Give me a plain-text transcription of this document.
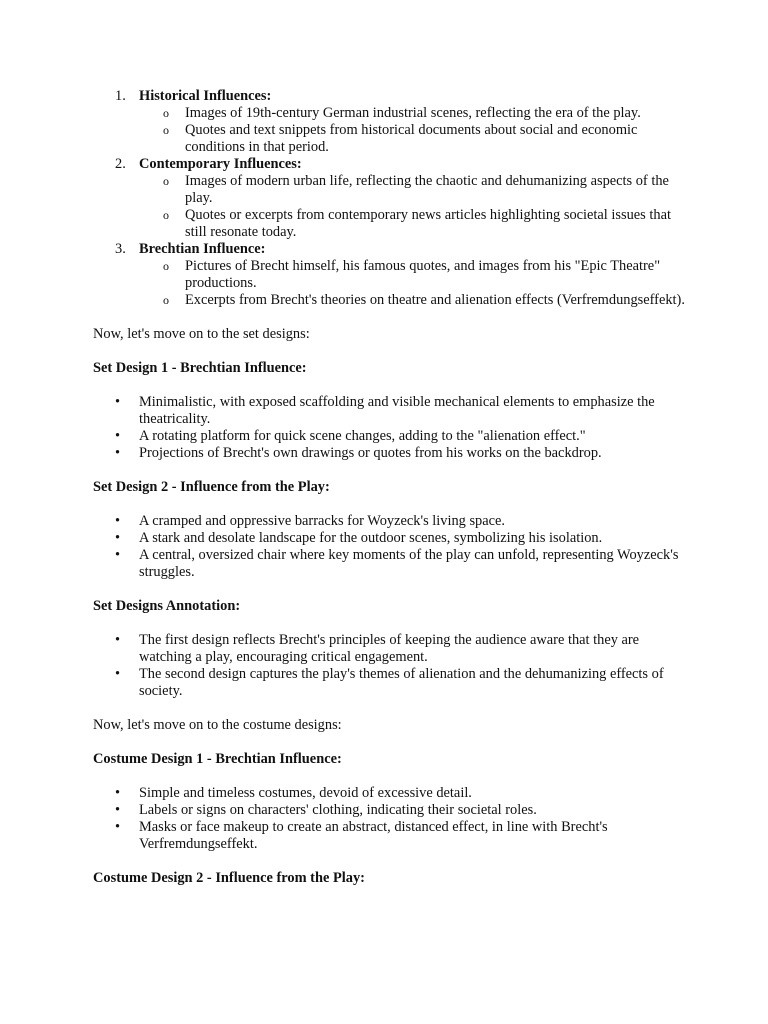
1. Historical Influences:
o Images of 19th-century German industrial scenes, reflecting the era of the play.
o Quotes and text snippets from historical documents about social and economic conditions in that period.
2. Contemporary Influences:
o Images of modern urban life, reflecting the chaotic and dehumanizing aspects of the play.
o Quotes or excerpts from contemporary news articles highlighting societal issues that still resonate today.
3. Brechtian Influence:
o Pictures of Brecht himself, his famous quotes, and images from his "Epic Theatre" productions.
o Excerpts from Brecht's theories on theatre and alienation effects (Verfremdungseffekt).

Now, let's move on to the set designs:

Set Design 1 - Brechtian Influence:

• Minimalistic, with exposed scaffolding and visible mechanical elements to emphasize the theatricality.
• A rotating platform for quick scene changes, adding to the "alienation effect."
• Projections of Brecht's own drawings or quotes from his works on the backdrop.

Set Design 2 - Influence from the Play:

• A cramped and oppressive barracks for Woyzeck's living space.
• A stark and desolate landscape for the outdoor scenes, symbolizing his isolation.
• A central, oversized chair where key moments of the play can unfold, representing Woyzeck's struggles.

Set Designs Annotation:

• The first design reflects Brecht's principles of keeping the audience aware that they are watching a play, encouraging critical engagement.
• The second design captures the play's themes of alienation and the dehumanizing effects of society.

Now, let's move on to the costume designs:

Costume Design 1 - Brechtian Influence:

• Simple and timeless costumes, devoid of excessive detail.
• Labels or signs on characters' clothing, indicating their societal roles.
• Masks or face makeup to create an abstract, distanced effect, in line with Brecht's Verfremdungseffekt.

Costume Design 2 - Influence from the Play:
